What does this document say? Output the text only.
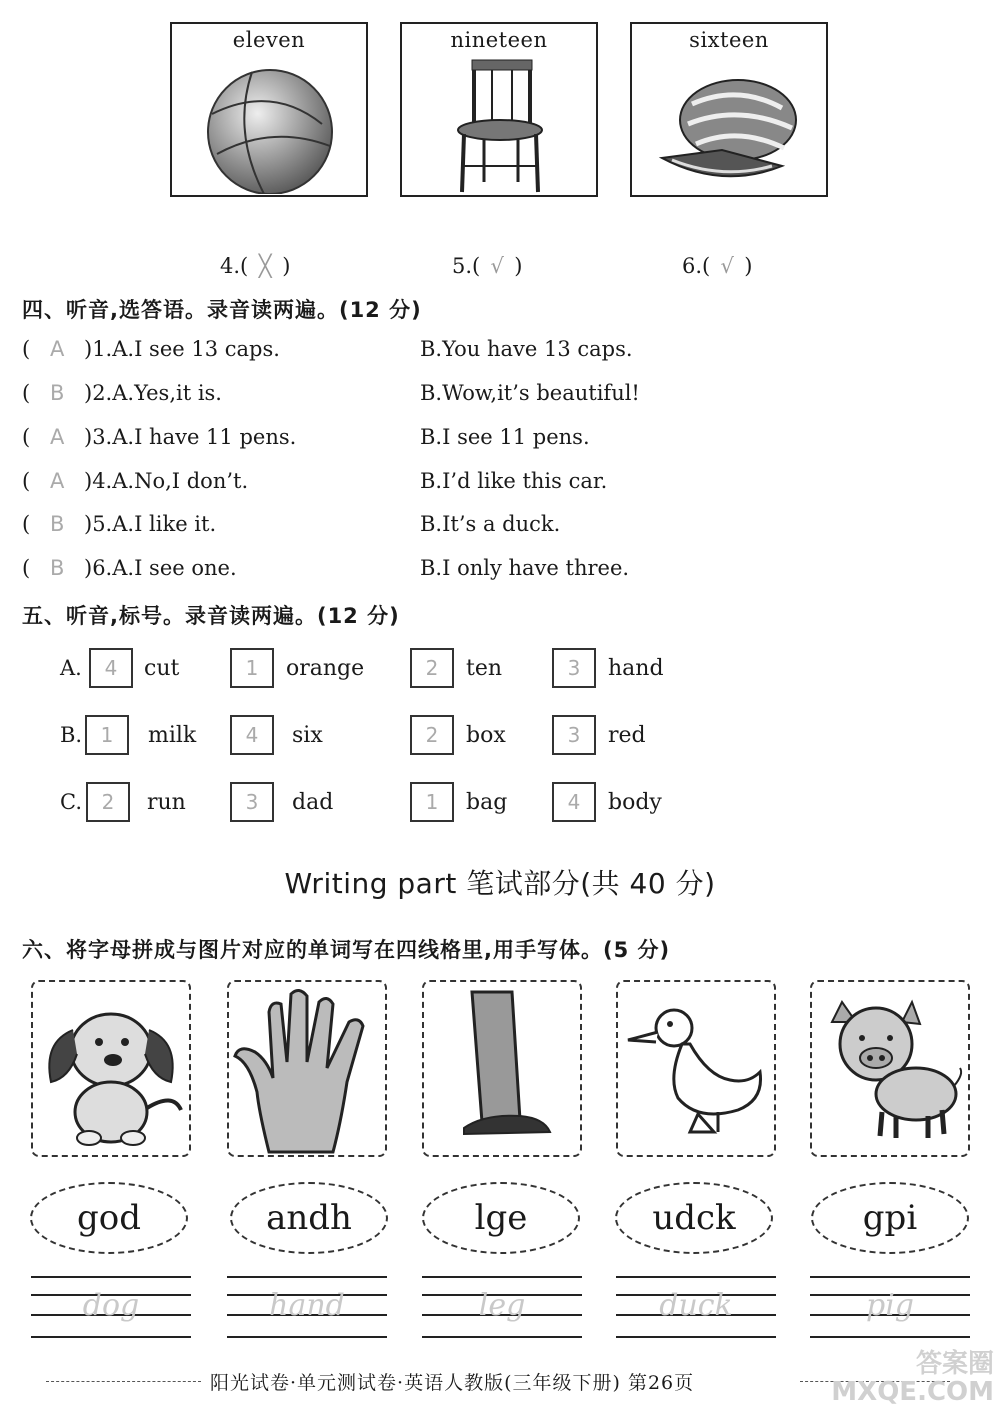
eleven	nineteen	sixteen
4.( ╳ )	5.( √ )	6.( √ )
四、听音,选答语。录音读两遍。(12 分)
( A )1.A.I see 13 caps.	B.You have 13 caps.
( B )2.A.Yes,it is.	B.Wow,it’s beautiful!
( A )3.A.I have 11 pens.	B.I see 11 pens.
( A )4.A.No,I don’t.	B.I’d like this car.
( B )5.A.I like it.	B.It’s a duck.
( B )6.A.I see one.	B.I only have three.
五、听音,标号。录音读两遍。(12 分)
A.	4	cut	1	orange	2	ten	3	hand
B. 1	milk	4	six	2	box	3	red
C. 2	run	3	dad	1	bag	4	body
Writing part 笔试部分(共 40 分)
六、将字母拼成与图片对应的单词写在四线格里,用手写体。(5 分)
god	andh	lge	udck	gpi
dog	hand	leg	duck	pig
阳光试卷·单元测试卷·英语人教版(三年级下册) 第26页
答案圈
MXQE.COM
